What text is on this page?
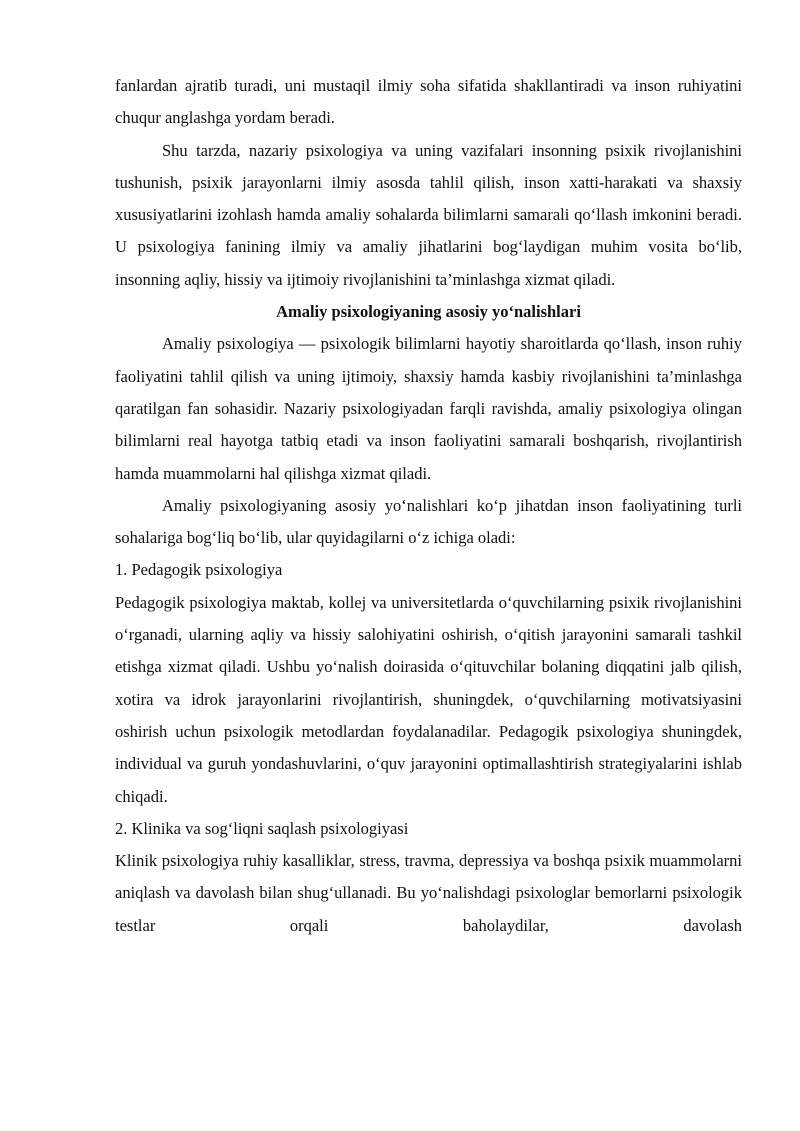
fanlardan ajratib turadi, uni mustaqil ilmiy soha sifatida shakllantiradi va inson ruhiyatini chuqur anglashga yordam beradi.

Shu tarzda, nazariy psixologiya va uning vazifalari insonning psixik rivojlanishini tushunish, psixik jarayonlarni ilmiy asosda tahlil qilish, inson xatti-harakati va shaxsiy xususiyatlarini izohlash hamda amaliy sohalarda bilimlarni samarali qo‘llash imkonini beradi. U psixologiya fanining ilmiy va amaliy jihatlarini bog‘laydigan muhim vosita bo‘lib, insonning aqliy, hissiy va ijtimoiy rivojlanishini ta’minlashga xizmat qiladi.

Amaliy psixologiyaning asosiy yo‘nalishlari

Amaliy psixologiya — psixologik bilimlarni hayotiy sharoitlarda qo‘llash, inson ruhiy faoliyatini tahlil qilish va uning ijtimoiy, shaxsiy hamda kasbiy rivojlanishini ta’minlashga qaratilgan fan sohasidir. Nazariy psixologiyadan farqli ravishda, amaliy psixologiya olingan bilimlarni real hayotga tatbiq etadi va inson faoliyatini samarali boshqarish, rivojlantirish hamda muammolarni hal qilishga xizmat qiladi.

Amaliy psixologiyaning asosiy yo‘nalishlari ko‘p jihatdan inson faoliyatining turli sohalariga bog‘liq bo‘lib, ular quyidagilarni o‘z ichiga oladi:

1. Pedagogik psixologiya

Pedagogik psixologiya maktab, kollej va universitetlarda o‘quvchilarning psixik rivojlanishini o‘rganadi, ularning aqliy va hissiy salohiyatini oshirish, o‘qitish jarayonini samarali tashkil etishga xizmat qiladi. Ushbu yo‘nalish doirasida o‘qituvchilar bolaning diqqatini jalb qilish, xotira va idrok jarayonlarini rivojlantirish, shuningdek, o‘quvchilarning motivatsiyasini oshirish uchun psixologik metodlardan foydalanadilar. Pedagogik psixologiya shuningdek, individual va guruh yondashuvlarini, o‘quv jarayonini optimallashtirish strategiyalarini ishlab chiqadi.

2. Klinika va sog‘liqni saqlash psixologiyasi

Klinik psixologiya ruhiy kasalliklar, stress, travma, depressiya va boshqa psixik muammolarni aniqlash va davolash bilan shug‘ullanadi. Bu yo‘nalishdagi psixologlar bemorlarni psixologik testlar orqali baholaydilar, davolash
